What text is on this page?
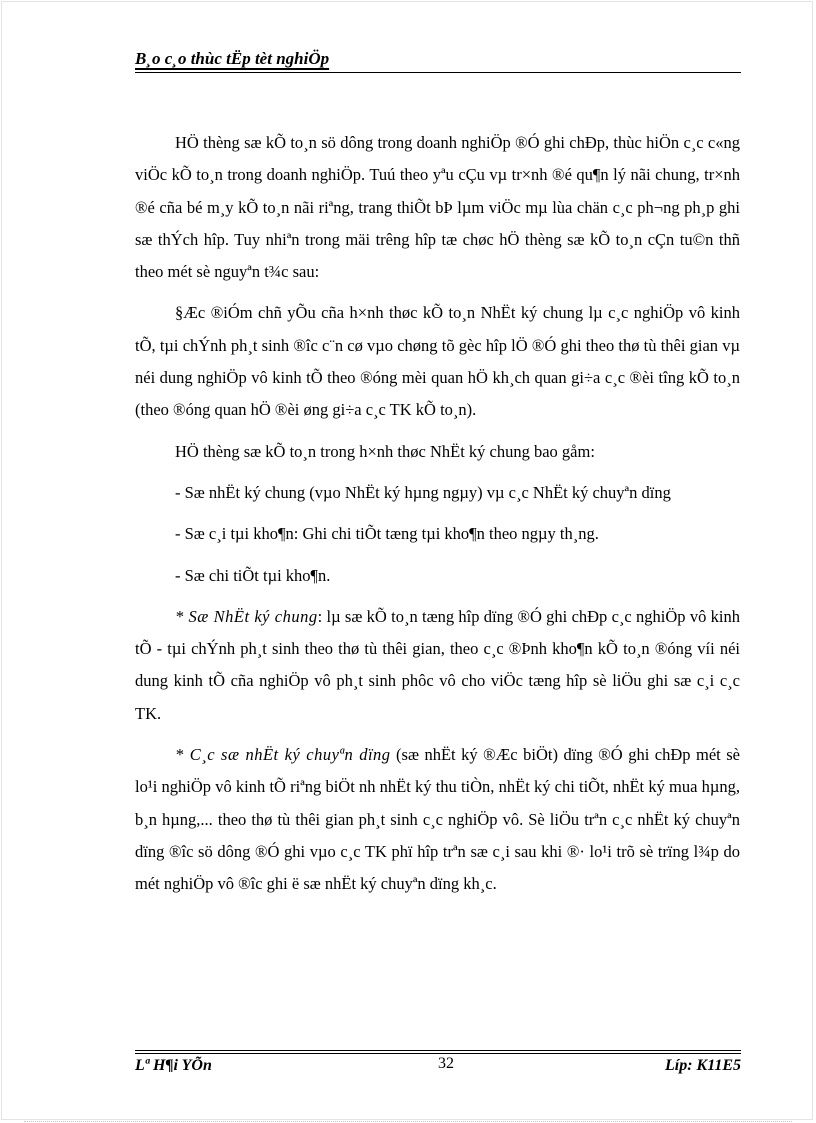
B¸o c¸o thùc tËp tèt nghiÖp

HÖ thèng sæ kÕ to¸n sö dông trong doanh nghiÖp ®Ó ghi chÐp, thùc hiÖn c¸c c«ng viÖc kÕ to¸n trong doanh nghiÖp. Tuú theo yªu cÇu vµ tr×nh ®é qu¶n lý nãi chung, tr×nh ®é cña bé m¸y kÕ to¸n nãi riªng, trang thiÕt bÞ lµm viÖc mµ lùa chän c¸c ph¬ng ph¸p ghi sæ thÝch hîp. Tuy nhiªn trong mäi trêng hîp tæ chøc hÖ thèng sæ kÕ to¸n cÇn tu©n thñ theo mét sè nguyªn t¾c sau:

§Æc ®iÓm chñ yÕu cña h×nh thøc kÕ to¸n NhËt ký chung lµ c¸c nghiÖp vô kinh tÕ, tµi chÝnh ph¸t sinh ®îc c¨n cø vµo chøng tõ gèc hîp lÖ ®Ó ghi theo thø tù thêi gian vµ néi dung nghiÖp vô kinh tÕ theo ®óng mèi quan hÖ kh¸ch quan gi÷a c¸c ®èi tîng kÕ to¸n (theo ®óng quan hÖ ®èi øng gi÷a c¸c TK kÕ to¸n).

HÖ thèng sæ kÕ to¸n trong h×nh thøc NhËt ký chung bao gåm:

- Sæ nhËt ký chung (vµo NhËt ký hµng ngµy) vµ c¸c NhËt ký chuyªn dïng

- Sæ c¸i tµi kho¶n: Ghi chi tiÕt tæng tµi kho¶n theo ngµy th¸ng.

- Sæ chi tiÕt tµi kho¶n.

* Sæ NhËt ký chung: lµ sæ kÕ to¸n tæng hîp dïng ®Ó ghi chÐp c¸c nghiÖp vô kinh tÕ - tµi chÝnh ph¸t sinh theo thø tù thêi gian, theo c¸c ®Þnh kho¶n kÕ to¸n ®óng víi néi dung kinh tÕ cña nghiÖp vô ph¸t sinh phôc vô cho viÖc tæng hîp sè liÖu ghi sæ c¸i c¸c TK.

* C¸c sæ nhËt ký chuyªn dïng (sæ nhËt ký ®Æc biÖt) dïng ®Ó ghi chÐp mét sè lo¹i nghiÖp vô kinh tÕ riªng biÖt nh nhËt ký thu tiÒn, nhËt ký chi tiÕt, nhËt ký mua hµng, b¸n hµng,... theo thø tù thêi gian ph¸t sinh c¸c nghiÖp vô. Sè liÖu trªn c¸c nhËt ký chuyªn dïng ®îc sö dông ®Ó ghi vµo c¸c TK phï hîp trªn sæ c¸i sau khi ®· lo¹i trõ sè trïng l¾p do mét nghiÖp vô ®îc ghi ë sæ nhËt ký chuyªn dïng kh¸c.

Lª H¶i YÕn	32	Líp: K11E5
